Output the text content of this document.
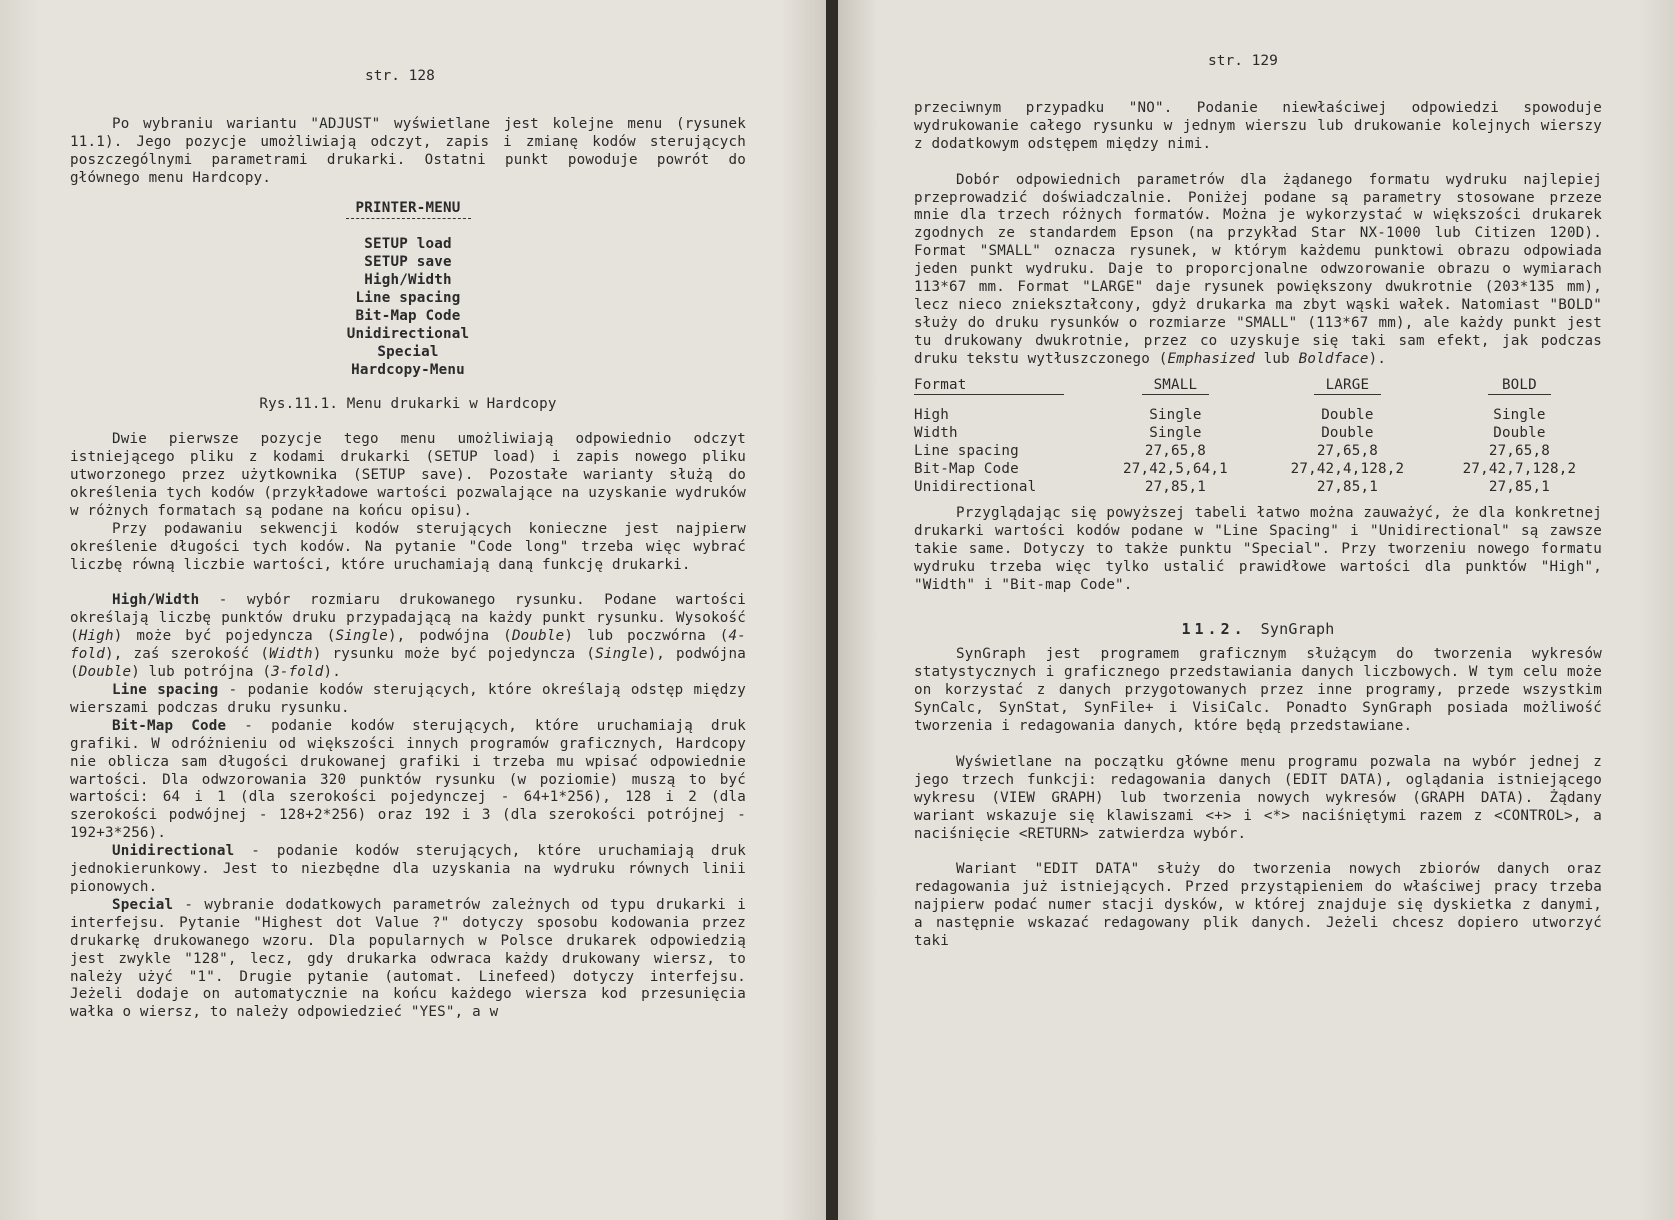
str. 128

Po wybraniu wariantu "ADJUST" wyświetlane jest kolejne menu (rysunek 11.1). Jego pozycje umożliwiają odczyt, zapis i zmianę kodów sterujących poszczególnymi parametrami drukarki. Ostatni punkt powoduje powrót do głównego menu Hardcopy.

PRINTER-MENU
SETUP load
SETUP save
High/Width
Line spacing
Bit-Map Code
Unidirectional
Special
Hardcopy-Menu

Rys.11.1. Menu drukarki w Hardcopy

Dwie pierwsze pozycje tego menu umożliwiają odpowiednio odczyt istniejącego pliku z kodami drukarki (SETUP load) i zapis nowego pliku utworzonego przez użytkownika (SETUP save). Pozostałe warianty służą do określenia tych kodów (przykładowe wartości pozwalające na uzyskanie wydruków w różnych formatach są podane na końcu opisu).

Przy podawaniu sekwencji kodów sterujących konieczne jest najpierw określenie długości tych kodów. Na pytanie "Code long" trzeba więc wybrać liczbę równą liczbie wartości, które uruchamiają daną funkcję drukarki.

High/Width - wybór rozmiaru drukowanego rysunku. Podane wartości określają liczbę punktów druku przypadającą na każdy punkt rysunku. Wysokość (High) może być pojedyncza (Single), podwójna (Double) lub poczwórna (4-fold), zaś szerokość (Width) rysunku może być pojedyncza (Single), podwójna (Double) lub potrójna (3-fold).

Line spacing - podanie kodów sterujących, które określają odstęp między wierszami podczas druku rysunku.

Bit-Map Code - podanie kodów sterujących, które uruchamiają druk grafiki. W odróżnieniu od większości innych programów graficznych, Hardcopy nie oblicza sam długości drukowanej grafiki i trzeba mu wpisać odpowiednie wartości. Dla odwzorowania 320 punktów rysunku (w poziomie) muszą to być wartości: 64 i 1 (dla szerokości pojedynczej - 64+1*256), 128 i 2 (dla szerokości podwójnej - 128+2*256) oraz 192 i 3 (dla szerokości potrójnej - 192+3*256).

Unidirectional - podanie kodów sterujących, które uruchamiają druk jednokierunkowy. Jest to niezbędne dla uzyskania na wydruku równych linii pionowych.

Special - wybranie dodatkowych parametrów zależnych od typu drukarki i interfejsu. Pytanie "Highest dot Value ?" dotyczy sposobu kodowania przez drukarkę drukowanego wzoru. Dla popularnych w Polsce drukarek odpowiedzią jest zwykle "128", lecz, gdy drukarka odwraca każdy drukowany wiersz, to należy użyć "1". Drugie pytanie (automat. Linefeed) dotyczy interfejsu. Jeżeli dodaje on automatycznie na końcu każdego wiersza kod przesunięcia wałka o wiersz, to należy odpowiedzieć "YES", a w

str. 129

przeciwnym przypadku "NO". Podanie niewłaściwej odpowiedzi spowoduje wydrukowanie całego rysunku w jednym wierszu lub drukowanie kolejnych wierszy z dodatkowym odstępem między nimi.

Dobór odpowiednich parametrów dla żądanego formatu wydruku najlepiej przeprowadzić doświadczalnie. Poniżej podane są parametry stosowane przeze mnie dla trzech różnych formatów. Można je wykorzystać w większości drukarek zgodnych ze standardem Epson (na przykład Star NX-1000 lub Citizen 120D). Format "SMALL" oznacza rysunek, w którym każdemu punktowi obrazu odpowiada jeden punkt wydruku. Daje to proporcjonalne odwzorowanie obrazu o wymiarach 113*67 mm. Format "LARGE" daje rysunek powiększony dwukrotnie (203*135 mm), lecz nieco zniekształcony, gdyż drukarka ma zbyt wąski wałek. Natomiast "BOLD" służy do druku rysunków o rozmiarze "SMALL" (113*67 mm), ale każdy punkt jest tu drukowany dwukrotnie, przez co uzyskuje się taki sam efekt, jak podczas druku tekstu wytłuszczonego (Emphasized lub Boldface).

Format	SMALL	LARGE	BOLD

High	Single	Double	Single
Width	Single	Double	Double
Line spacing	27,65,8	27,65,8	27,65,8
Bit-Map Code	27,42,5,64,1	27,42,4,128,2	27,42,7,128,2
Unidirectional	27,85,1	27,85,1	27,85,1

Przyglądając się powyższej tabeli łatwo można zauważyć, że dla konkretnej drukarki wartości kodów podane w "Line Spacing" i "Unidirectional" są zawsze takie same. Dotyczy to także punktu "Special". Przy tworzeniu nowego formatu wydruku trzeba więc tylko ustalić prawidłowe wartości dla punktów "High", "Width" i "Bit-map Code".

11.2. SynGraph

SynGraph jest programem graficznym służącym do tworzenia wykresów statystycznych i graficznego przedstawiania danych liczbowych. W tym celu może on korzystać z danych przygotowanych przez inne programy, przede wszystkim SynCalc, SynStat, SynFile+ i VisiCalc. Ponadto SynGraph posiada możliwość tworzenia i redagowania danych, które będą przedstawiane.

Wyświetlane na początku główne menu programu pozwala na wybór jednej z jego trzech funkcji: redagowania danych (EDIT DATA), oglądania istniejącego wykresu (VIEW GRAPH) lub tworzenia nowych wykresów (GRAPH DATA). Żądany wariant wskazuje się klawiszami <+> i <*> naciśniętymi razem z <CONTROL>, a naciśnięcie <RETURN> zatwierdza wybór.

Wariant "EDIT DATA" służy do tworzenia nowych zbiorów danych oraz redagowania już istniejących. Przed przystąpieniem do właściwej pracy trzeba najpierw podać numer stacji dysków, w której znajduje się dyskietka z danymi, a następnie wskazać redagowany plik danych. Jeżeli chcesz dopiero utworzyć taki
